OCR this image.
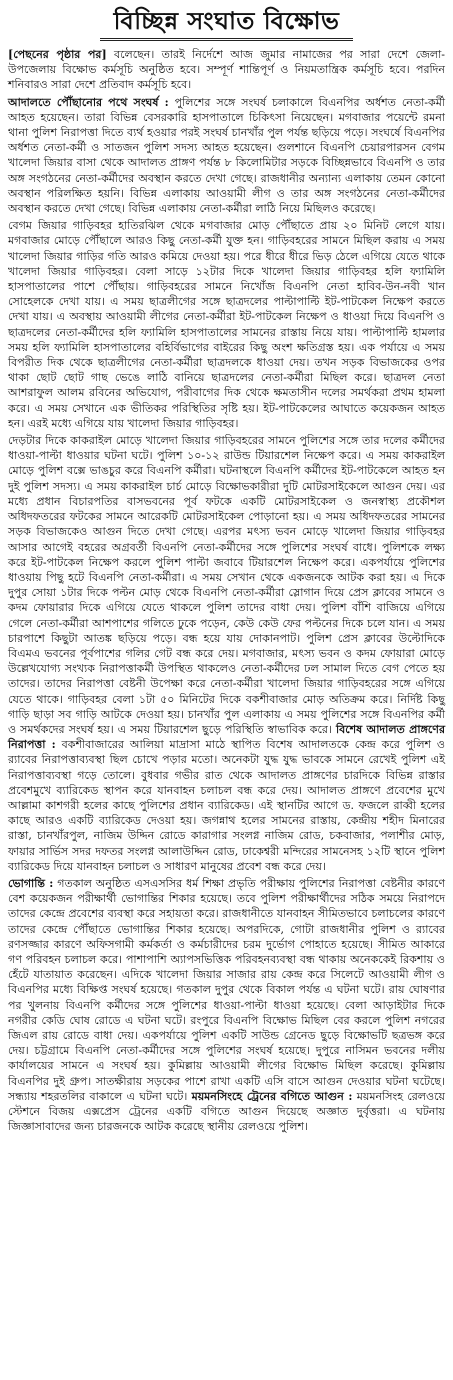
বিচ্ছিন্ন সংঘাত বিক্ষোভ

[পেছনের পৃষ্ঠার পর] বলেছেন। তারই নির্দেশে আজ জুমার নামাজের পর সারা দেশে জেলা-উপজেলায় বিক্ষোভ কর্মসূচি অনুষ্ঠিত হবে। সম্পূর্ণ শান্তিপূর্ণ ও নিয়মতান্ত্রিক কর্মসূচি হবে। পরদিন শনিবারও সারা দেশে প্রতিবাদ কর্মসূচি হবে।

আদালতে পৌঁছানোর পথে সংঘর্ষ : পুলিশের সঙ্গে সংঘর্ষ চলাকালে বিএনপির অর্ধশত নেতা-কর্মী আহত হয়েছেন। তারা বিভিন্ন বেসরকারি হাসপাতালে চিকিৎসা নিয়েছেন। মগবাজার পয়েন্টে রমনা থানা পুলিশ নিরাপত্তা দিতে ব্যর্থ হওয়ার পরই সংঘর্ষ চানখাঁর পুল পর্যন্ত ছড়িয়ে পড়ে। সংঘর্ষে বিএনপির অর্ধশত নেতা-কর্মী ও সাতজন পুলিশ সদস্য আহত হয়েছেন। গুলশানে বিএনপি চেয়ারপারসন বেগম খালেদা জিয়ার বাসা থেকে আদালত প্রাঙ্গণ পর্যন্ত ৮ কিলোমিটার সড়কে বিচ্ছিন্নভাবে বিএনপি ও তার অঙ্গ সংগঠনের নেতা-কর্মীদের অবস্থান করতে দেখা গেছে। রাজধানীর অন্যান্য এলাকায় তেমন কোনো অবস্থান পরিলক্ষিত হয়নি। বিভিন্ন এলাকায় আওয়ামী লীগ ও তার অঙ্গ সংগঠনের নেতা-কর্মীদের অবস্থান করতে দেখা গেছে। বিভিন্ন এলাকায় নেতা-কর্মীরা লাঠি নিয়ে মিছিলও করেছে।

বেগম জিয়ার গাড়িবহর হাতিরঝিল থেকে মগবাজার মোড় পৌঁছাতে প্রায় ২০ মিনিট লেগে যায়। মগবাজার মোড়ে পৌঁছালে আরও কিছু নেতা-কর্মী যুক্ত হন। গাড়িবহরের সামনে মিছিল করায় এ সময় খালেদা জিয়ার গাড়ির গতি আরও কমিয়ে দেওয়া হয়। পরে ধীরে ধীরে ভিড় ঠেলে এগিয়ে যেতে থাকে খালেদা জিয়ার গাড়িবহর। বেলা সাড়ে ১২টার দিকে খালেদা জিয়ার গাড়িবহর হলি ফ্যামিলি হাসপাতালের পাশে পৌঁছায়। গাড়িবহরের সামনে নিখোঁজ বিএনপি নেতা হাবিব-উন-নবী খান সোহেলকে দেখা যায়। এ সময় ছাত্রলীগের সঙ্গে ছাত্রদলের পাল্টাপাল্টি ইট-পাটকেল নিক্ষেপ করতে দেখা যায়। এ অবস্থায় আওয়ামী লীগের নেতা-কর্মীরা ইট-পাটকেল নিক্ষেপ ও ধাওয়া দিয়ে বিএনপি ও ছাত্রদলের নেতা-কর্মীদের হলি ফ্যামিলি হাসপাতালের সামনের রাস্তায় নিয়ে যায়। পাল্টাপাল্টি হামলার সময় হলি ফ্যামিলি হাসপাতালের বহির্বিভাগের বাইরের কিছু অংশ ক্ষতিগ্রস্ত হয়। এক পর্যায়ে এ সময় বিপরীত দিক থেকে ছাত্রলীগের নেতা-কর্মীরা ছাত্রদলকে ধাওয়া দেয়। তখন সড়ক বিভাজকের ওপর থাকা ছোট ছোট গাছ ভেঙে লাঠি বানিয়ে ছাত্রদলের নেতা-কর্মীরা মিছিল করে। ছাত্রদল নেতা আশরাফুল আলম রবিনের অভিযোগ, পরীবাগের দিক থেকে ক্ষমতাসীন দলের সমর্থকরা প্রথম হামলা করে। এ সময় সেখানে এক ভীতিকর পরিস্থিতির সৃষ্টি হয়। ইট-পাটকেলের আঘাতে কয়েকজন আহত হন। এরই মধ্যে এগিয়ে যায় খালেদা জিয়ার গাড়িবহর।

দেড়টার দিকে কাকরাইল মোড়ে খালেদা জিয়ার গাড়িবহরের সামনে পুলিশের সঙ্গে তার দলের কর্মীদের ধাওয়া-পাল্টা ধাওয়ার ঘটনা ঘটে। পুলিশ ১০-১২ রাউন্ড টিয়ারশেল নিক্ষেপ করে। এ সময় কাকরাইল মোড়ে পুলিশ বক্সে ভাঙচুর করে বিএনপি কর্মীরা। ঘটনাস্থলে বিএনপি কর্মীদের ইট-পাটকেলে আহত হন দুই পুলিশ সদস্য। এ সময় কাকরাইল চার্চ মোড়ে বিক্ষোভকারীরা দুটি মোটরসাইকেলে আগুন দেয়। এর মধ্যে প্রধান বিচারপতির বাসভবনের পূর্ব ফটকে একটি মোটরসাইকেল ও জনস্বাস্থ্য প্রকৌশল অধিদফতরের ফটকের সামনে আরেকটি মোটরসাইকেল পোড়ানো হয়। এ সময় অধিদফতরের সামনের সড়ক বিভাজকেও আগুন দিতে দেখা গেছে। এরপর মৎস্য ভবন মোড়ে খালেদা জিয়ার গাড়িবহর আসার আগেই বহরের অগ্রবর্তী বিএনপি নেতা-কর্মীদের সঙ্গে পুলিশের সংঘর্ষ বাধে। পুলিশকে লক্ষ্য করে ইট-পাটকেল নিক্ষেপ করলে পুলিশ পাল্টা জবাবে টিয়ারশেল নিক্ষেপ করে। একপর্যায়ে পুলিশের ধাওয়ায় পিছু হটে বিএনপি নেতা-কর্মীরা। এ সময় সেখান থেকে একজনকে আটক করা হয়। এ দিকে দুপুর সোয়া ১টার দিকে পল্টন মোড় থেকে বিএনপি নেতা-কর্মীরা স্লোগান দিয়ে প্রেস ক্লাবের সামনে ও কদম ফোয়ারার দিকে এগিয়ে যেতে থাকলে পুলিশ তাদের বাধা দেয়। পুলিশ বাঁশি বাজিয়ে এগিয়ে গেলে নেতা-কর্মীরা আশপাশের গলিতে ঢুকে পড়েন, কেউ কেউ ফের পল্টনের দিকে চলে যান। এ সময় চারপাশে কিছুটা আতঙ্ক ছড়িয়ে পড়ে। বন্ধ হয়ে যায় দোকানপাট। পুলিশ প্রেস ক্লাবের উল্টোদিকে বিএমএ ভবনের পূর্বপাশের গলির গেট বন্ধ করে দেয়। মগবাজার, মৎস্য ভবন ও কদম ফোয়ারা মোড়ে উল্লেখযোগ্য সংখ্যক নিরাপত্তাকর্মী উপস্থিত থাকলেও নেতা-কর্মীদের ঢল সামাল দিতে বেগ পেতে হয় তাদের। তাদের নিরাপত্তা বেষ্টনী উপেক্ষা করে নেতা-কর্মীরা খালেদা জিয়ার গাড়িবহরের সঙ্গে এগিয়ে যেতে থাকে। গাড়িবহর বেলা ১টা ৫০ মিনিটের দিকে বকশীবাজার মোড় অতিক্রম করে। নির্দিষ্ট কিছু গাড়ি ছাড়া সব গাড়ি আটকে দেওয়া হয়। চানখাঁর পুল এলাকায় এ সময় পুলিশের সঙ্গে বিএনপির কর্মী ও সমর্থকদের সংঘর্ষ হয়। এ সময় টিয়ারশেল ছুড়ে পরিস্থিতি স্বাভাবিক করে। বিশেষ আদালত প্রাঙ্গণের নিরাপত্তা : বকশীবাজারের আলিয়া মাদ্রাসা মাঠে স্থাপিত বিশেষ আদালতকে কেন্দ্র করে পুলিশ ও র‌্যাবের নিরাপত্তাব্যবস্থা ছিল চোখে পড়ার মতো। অনেকটা যুদ্ধ যুদ্ধ ভাবকে সামনে রেখেই পুলিশ এই নিরাপত্তাব্যবস্থা গড়ে তোলে। বুধবার গভীর রাত থেকে আদালত প্রাঙ্গণের চারদিকে বিভিন্ন রাস্তার প্রবেশমুখে ব্যারিকেড স্থাপন করে যানবাহন চলাচল বন্ধ করে দেয়। আদালত প্রাঙ্গণে প্রবেশের মুখে আল্লামা কাশগরী হলের কাছে পুলিশের প্রধান ব্যারিকেড। এই স্থানটির আগে ড. ফজলে রাব্বী হলের কাছে আরও একটি ব্যারিকেড দেওয়া হয়। জগন্নাথ হলের সামনের রাস্তায়, কেন্দ্রীয় শহীদ মিনারের রাস্তা, চানখাঁরপুল, নাজিম উদ্দিন রোডে কারাগার সংলগ্ন নাজিম রোড, চকবাজার, পলাশীর মোড়, ফায়ার সার্ভিস সদর দফতর সংলগ্ন আলাউদ্দিন রোড, ঢাকেশ্বরী মন্দিরের সামনেসহ ১২টি স্থানে পুলিশ ব্যারিকেড দিয়ে যানবাহন চলাচল ও সাধারণ মানুষের প্রবেশ বন্ধ করে দেয়।

ভোগান্তি : গতকাল অনুষ্ঠিত এসএসসির ধর্ম শিক্ষা প্রভৃতি পরীক্ষায় পুলিশের নিরাপত্তা বেষ্টনীর কারণে বেশ কয়েকজন পরীক্ষার্থী ভোগান্তির শিকার হয়েছে। তবে পুলিশ পরীক্ষার্থীদের সঠিক সময়ে নিরাপদে তাদের কেন্দ্রে প্রবেশের ব্যবস্থা করে সহায়তা করে। রাজধানীতে যানবাহন সীমিতভাবে চলাচলের কারণে তাদের কেন্দ্রে পৌঁছাতে ভোগান্তির শিকার হয়েছে। অপরদিকে, গোটা রাজধানীর পুলিশ ও র‌্যাবের রণসজ্জার কারণে অফিসগামী কর্মকর্তা ও কর্মচারীদের চরম দুর্ভোগ পোহাতে হয়েছে। সীমিত আকারে গণ পরিবহন চলাচল করে। পাশাপাশি অ্যাপসভিত্তিক পরিবহনব্যবস্থা বন্ধ থাকায় অনেককেই রিকশায় ও হেঁটে যাতায়াত করেছেন। এদিকে খালেদা জিয়ার সাজার রায় কেন্দ্র করে সিলেটে আওয়ামী লীগ ও বিএনপির মধ্যে বিক্ষিপ্ত সংঘর্ষ হয়েছে। গতকাল দুপুর থেকে বিকাল পর্যন্ত এ ঘটনা ঘটে। রায় ঘোষণার পর খুলনায় বিএনপি কর্মীদের সঙ্গে পুলিশের ধাওয়া-পাল্টা ধাওয়া হয়েছে। বেলা আড়াইটার দিকে নগরীর কেডি ঘোষ রোডে এ ঘটনা ঘটে। রংপুরে বিএনপি বিক্ষোভ মিছিল বের করলে পুলিশ নগরের জিএল রায় রোডে বাধা দেয়। একপর্যায়ে পুলিশ একটি সাউন্ড গ্রেনেড ছুড়ে বিক্ষোভটি ছত্রভঙ্গ করে দেয়। চট্টগ্রামে বিএনপি নেতা-কর্মীদের সঙ্গে পুলিশের সংঘর্ষ হয়েছে। দুপুরে নাসিমন ভবনের দলীয় কার্যালয়ের সামনে এ সংঘর্ষ হয়। কুমিল্লায় আওয়ামী লীগের বিক্ষোভ মিছিল করেছে। কুমিল্লায় বিএনপির দুই গ্রুপ। সাতক্ষীরায় সড়কের পাশে রাখা একটি এসি বাসে আগুন দেওয়ার ঘটনা ঘটেছে। সন্ধ্যায় শহরতলির বাকালে এ ঘটনা ঘটে। ময়মনসিংহে ট্রেনের বগিতে আগুন : ময়মনসিংহ রেলওয়ে স্টেশনে বিজয় এক্সপ্রেস ট্রেনের একটি বগিতে আগুন দিয়েছে অজ্ঞাত দুর্বৃত্তরা। এ ঘটনায় জিজ্ঞাসাবাদের জন্য চারজনকে আটক করেছে স্থানীয় রেলওয়ে পুলিশ।
